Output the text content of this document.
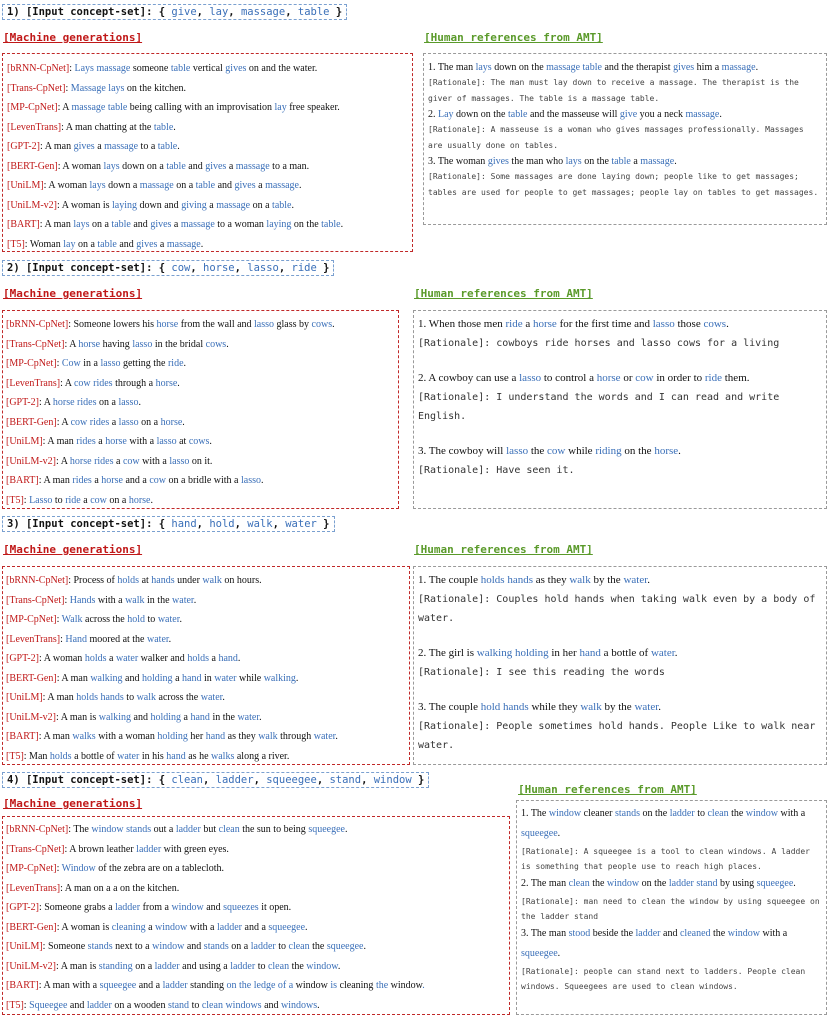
1) [Input concept-set]: { give, lay, massage, table }
[Machine generations]	[Human references from AMT]
[bRNN-CpNet]: Lays massage someone table vertical gives on and the water.
[Trans-CpNet]: Massage lays on the kitchen.
[MP-CpNet]: A massage table being calling with an improvisation lay free speaker.
[LevenTrans]: A man chatting at the table.
[GPT-2]: A man gives a massage to a table.
[BERT-Gen]: A woman lays down on a table and gives a massage to a man.
[UniLM]: A woman lays down a massage on a table and gives a massage.
[UniLM-v2]: A woman is laying down and giving a massage on a table.
[BART]: A man lays on a table and gives a massage to a woman laying on the table.
[T5]: Woman lay on a table and gives a massage.
1. The man lays down on the massage table and the therapist gives him a massage.
[Rationale]: The man must lay down to receive a massage. The therapist is the giver of massages. The table is a massage table.
2. Lay down on the table and the masseuse will give you a neck massage.
[Rationale]: A masseuse is a woman who gives massages professionally. Massages are usually done on tables.
3. The woman gives the man who lays on the table a massage.
[Rationale]: Some massages are done laying down; people like to get massages; tables are used for people to get massages; people lay on tables to get massages.
2) [Input concept-set]: { cow, horse, lasso, ride }
[Machine generations]	[Human references from AMT]
[bRNN-CpNet]: Someone lowers his horse from the wall and lasso glass by cows.
[Trans-CpNet]: A horse having lasso in the bridal cows.
[MP-CpNet]: Cow in a lasso getting the ride.
[LevenTrans]: A cow rides through a horse.
[GPT-2]: A horse rides on a lasso.
[BERT-Gen]: A cow rides a lasso on a horse.
[UniLM]: A man rides a horse with a lasso at cows.
[UniLM-v2]: A horse rides a cow with a lasso on it.
[BART]: A man rides a horse and a cow on a bridle with a lasso.
[T5]: Lasso to ride a cow on a horse.
1. When those men ride a horse for the first time and lasso those cows.
[Rationale]: cowboys ride horses and lasso cows for a living
2. A cowboy can use a lasso to control a horse or cow in order to ride them.
[Rationale]: I understand the words and I can read and write English.
3. The cowboy will lasso the cow while riding on the horse.
[Rationale]: Have seen it.
3) [Input concept-set]: { hand, hold, walk, water }
[Machine generations]	[Human references from AMT]
[bRNN-CpNet]: Process of holds at hands under walk on hours.
[Trans-CpNet]: Hands with a walk in the water.
[MP-CpNet]: Walk across the hold to water.
[LevenTrans]: Hand moored at the water.
[GPT-2]: A woman holds a water walker and holds a hand.
[BERT-Gen]: A man walking and holding a hand in water while walking.
[UniLM]: A man holds hands to walk across the water.
[UniLM-v2]: A man is walking and holding a hand in the water.
[BART]: A man walks with a woman holding her hand as they walk through water.
[T5]: Man holds a bottle of water in his hand as he walks along a river.
1. The couple holds hands as they walk by the water.
[Rationale]: Couples hold hands when taking walk even by a body of water.
2. The girl is walking holding in her hand a bottle of water.
[Rationale]: I see this reading the words
3. The couple hold hands while they walk by the water.
[Rationale]: People sometimes hold hands. People Like to walk near water.
4) [Input concept-set]: { clean, ladder, squeegee, stand, window }
[Machine generations]
[Human references from AMT]
[bRNN-CpNet]: The window stands out a ladder but clean the sun to being squeegee.
[Trans-CpNet]: A brown leather ladder with green eyes.
[MP-CpNet]: Window of the zebra are on a tablecloth.
[LevenTrans]: A man on a a on the kitchen.
[GPT-2]: Someone grabs a ladder from a window and squeezes it open.
[BERT-Gen]: A woman is cleaning a window with a ladder and a squeegee.
[UniLM]: Someone stands next to a window and stands on a ladder to clean the squeegee.
[UniLM-v2]: A man is standing on a ladder and using a ladder to clean the window.
[BART]: A man with a squeegee and a ladder standing on the ledge of a window is cleaning the window.
[T5]: Squeegee and ladder on a wooden stand to clean windows and windows.
1. The window cleaner stands on the ladder to clean the window with a squeegee.
[Rationale]: A squeegee is a tool to clean windows. A ladder is something that people use to reach high places.
2. The man clean the window on the ladder stand by using squeegee.
[Rationale]: man need to clean the window by using squeegee on the ladder stand
3. The man stood beside the ladder and cleaned the window with a squeegee.
[Rationale]: people can stand next to ladders. People clean windows. Squeegees are used to clean windows.
